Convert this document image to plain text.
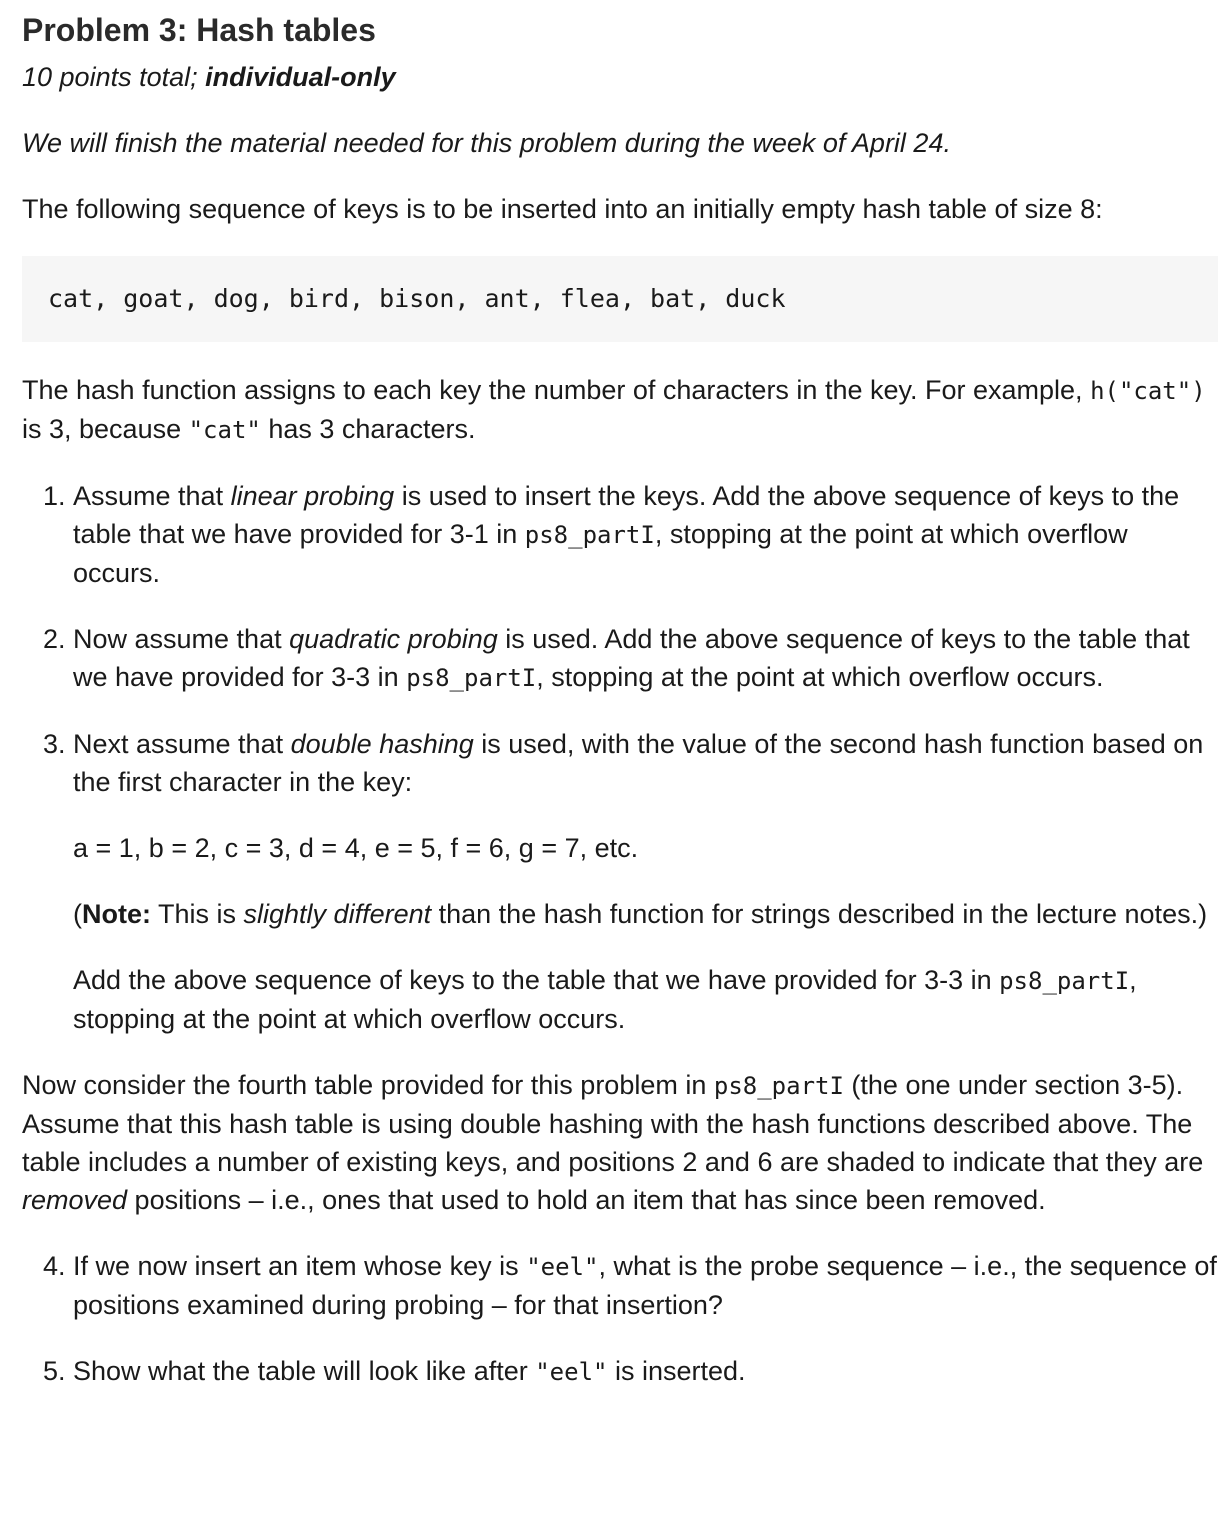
Problem 3: Hash tables

10 points total; individual-only

We will finish the material needed for this problem during the week of April 24.

The following sequence of keys is to be inserted into an initially empty hash table of size 8:

cat, goat, dog, bird, bison, ant, flea, bat, duck

The hash function assigns to each key the number of characters in the key. For example, h("cat") is 3, because "cat" has 3 characters.

1. Assume that linear probing is used to insert the keys. Add the above sequence of keys to the table that we have provided for 3-1 in ps8_partI, stopping at the point at which overflow occurs.
2. Now assume that quadratic probing is used. Add the above sequence of keys to the table that we have provided for 3-3 in ps8_partI, stopping at the point at which overflow occurs.

3. Next assume that double hashing is used, with the value of the second hash function based on the first character in the key:

a = 1, b = 2, c = 3, d = 4, e = 5, f = 6, g = 7, etc.

(Note: This is slightly different than the hash function for strings described in the lecture notes.)

Add the above sequence of keys to the table that we have provided for 3-3 in ps8_partI, stopping at the point at which overflow occurs.

Now consider the fourth table provided for this problem in ps8_partI (the one under section 3-5). Assume that this hash table is using double hashing with the hash functions described above. The table includes a number of existing keys, and positions 2 and 6 are shaded to indicate that they are removed positions – i.e., ones that used to hold an item that has since been removed.

4. If we now insert an item whose key is "eel", what is the probe sequence – i.e., the sequence of positions examined during probing – for that insertion?
5. Show what the table will look like after "eel" is inserted.
